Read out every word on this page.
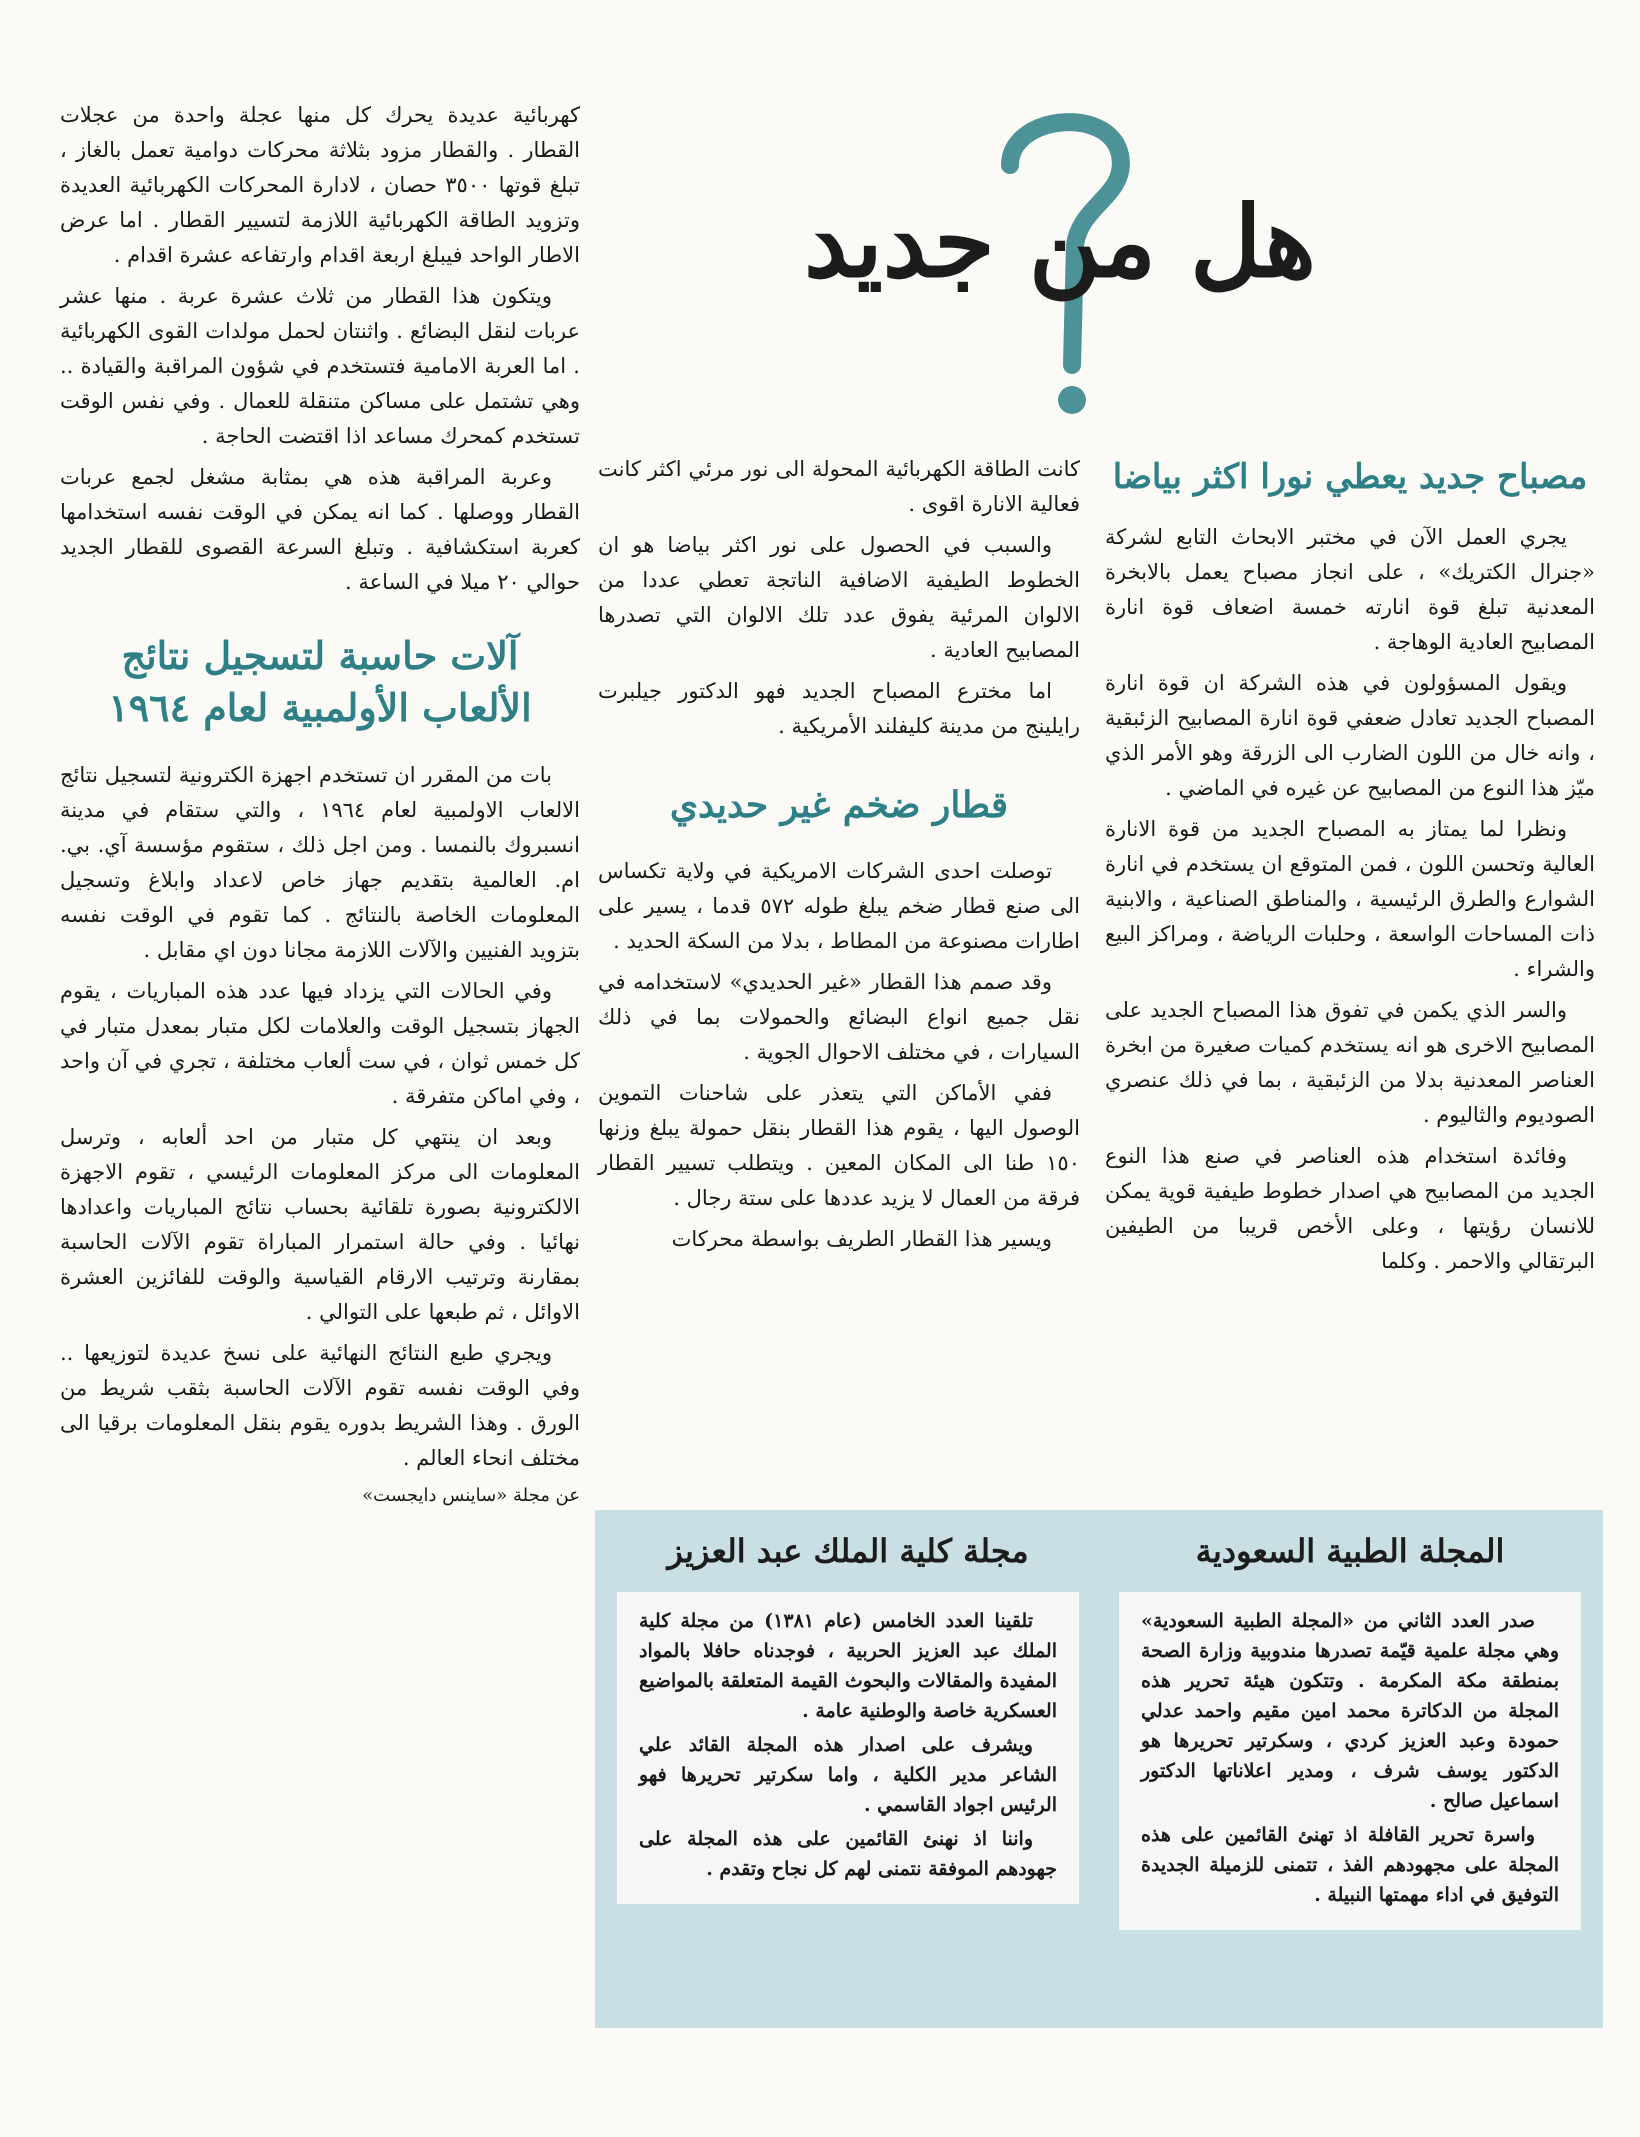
هل من جديد
مصباح جديد يعطي نورا اكثر بياضا

يجري العمل الآن في مختبر الابحاث التابع لشركة «جنرال الكتريك» ، على انجاز مصباح يعمل بالابخرة المعدنية تبلغ قوة انارته خمسة اضعاف قوة انارة المصابيح العادية الوهاجة .

ويقول المسؤولون في هذه الشركة ان قوة انارة المصباح الجديد تعادل ضعفي قوة انارة المصابيح الزئبقية ، وانه خال من اللون الضارب الى الزرقة وهو الأمر الذي ميّز هذا النوع من المصابيح عن غيره في الماضي .

ونظرا لما يمتاز به المصباح الجديد من قوة الانارة العالية وتحسن اللون ، فمن المتوقع ان يستخدم في انارة الشوارع والطرق الرئيسية ، والمناطق الصناعية ، والابنية ذات المساحات الواسعة ، وحلبات الرياضة ، ومراكز البيع والشراء .

والسر الذي يكمن في تفوق هذا المصباح الجديد على المصابيح الاخرى هو انه يستخدم كميات صغيرة من ابخرة العناصر المعدنية بدلا من الزئبقية ، بما في ذلك عنصري الصوديوم والثاليوم .

وفائدة استخدام هذه العناصر في صنع هذا النوع الجديد من المصابيح هي اصدار خطوط طيفية قوية يمكن للانسان رؤيتها ، وعلى الأخص قريبا من الطيفين البرتقالي والاحمر . وكلما

كانت الطاقة الكهربائية المحولة الى نور مرئي اكثر كانت فعالية الانارة اقوى .

والسبب في الحصول على نور اكثر بياضا هو ان الخطوط الطيفية الاضافية الناتجة تعطي عددا من الالوان المرئية يفوق عدد تلك الالوان التي تصدرها المصابيح العادية .

اما مخترع المصباح الجديد فهو الدكتور جيلبرت رايلينج من مدينة كليفلند الأمريكية .

قطار ضخم غير حديدي

توصلت احدى الشركات الامريكية في ولاية تكساس الى صنع قطار ضخم يبلغ طوله ٥٧٢ قدما ، يسير على اطارات مصنوعة من المطاط ، بدلا من السكة الحديد .

وقد صمم هذا القطار «غير الحديدي» لاستخدامه في نقل جميع انواع البضائع والحمولات بما في ذلك السيارات ، في مختلف الاحوال الجوية .

ففي الأماكن التي يتعذر على شاحنات التموين الوصول اليها ، يقوم هذا القطار بنقل حمولة يبلغ وزنها ١٥٠ طنا الى المكان المعين . ويتطلب تسيير القطار فرقة من العمال لا يزيد عددها على ستة رجال .

ويسير هذا القطار الطريف بواسطة محركات

كهربائية عديدة يحرك كل منها عجلة واحدة من عجلات القطار . والقطار مزود بثلاثة محركات دوامية تعمل بالغاز ، تبلغ قوتها ٣٥٠٠ حصان ، لادارة المحركات الكهربائية العديدة وتزويد الطاقة الكهربائية اللازمة لتسيير القطار . اما عرض الاطار الواحد فيبلغ اربعة اقدام وارتفاعه عشرة اقدام .

ويتكون هذا القطار من ثلاث عشرة عربة . منها عشر عربات لنقل البضائع . واثنتان لحمل مولدات القوى الكهربائية . اما العربة الامامية فتستخدم في شؤون المراقبة والقيادة .. وهي تشتمل على مساكن متنقلة للعمال . وفي نفس الوقت تستخدم كمحرك مساعد اذا اقتضت الحاجة .

وعربة المراقبة هذه هي بمثابة مشغل لجمع عربات القطار ووصلها . كما انه يمكن في الوقت نفسه استخدامها كعربة استكشافية . وتبلغ السرعة القصوى للقطار الجديد حوالي ٢٠ ميلا في الساعة .

آلات حاسبة لتسجيل نتائج
الألعاب الأولمبية لعام ١٩٦٤

بات من المقرر ان تستخدم اجهزة الكترونية لتسجيل نتائج الالعاب الاولمبية لعام ١٩٦٤ ، والتي ستقام في مدينة انسبروك بالنمسا . ومن اجل ذلك ، ستقوم مؤسسة آي. بي. ام. العالمية بتقديم جهاز خاص لاعداد وابلاغ وتسجيل المعلومات الخاصة بالنتائج . كما تقوم في الوقت نفسه بتزويد الفنيين والآلات اللازمة مجانا دون اي مقابل .

وفي الحالات التي يزداد فيها عدد هذه المباريات ، يقوم الجهاز بتسجيل الوقت والعلامات لكل متبار بمعدل متبار في كل خمس ثوان ، في ست ألعاب مختلفة ، تجري في آن واحد ، وفي اماكن متفرقة .

وبعد ان ينتهي كل متبار من احد ألعابه ، وترسل المعلومات الى مركز المعلومات الرئيسي ، تقوم الاجهزة الالكترونية بصورة تلقائية بحساب نتائج المباريات واعدادها نهائيا . وفي حالة استمرار المباراة تقوم الآلات الحاسبة بمقارنة وترتيب الارقام القياسية والوقت للفائزين العشرة الاوائل ، ثم طبعها على التوالي .

ويجري طبع النتائج النهائية على نسخ عديدة لتوزيعها .. وفي الوقت نفسه تقوم الآلات الحاسبة بثقب شريط من الورق . وهذا الشريط بدوره يقوم بنقل المعلومات برقيا الى مختلف انحاء العالم .

عن مجلة «ساينس دايجست»
المجلة الطبية السعودية

صدر العدد الثاني من «المجلة الطبية السعودية» وهي مجلة علمية قيّمة تصدرها مندوبية وزارة الصحة بمنطقة مكة المكرمة . وتتكون هيئة تحرير هذه المجلة من الدكاترة محمد امين مقيم واحمد عدلي حمودة وعبد العزيز كردي ، وسكرتير تحريرها هو الدكتور يوسف شرف ، ومدير اعلاناتها الدكتور اسماعيل صالح .

واسرة تحرير القافلة اذ تهنئ القائمين على هذه المجلة على مجهودهم الفذ ، تتمنى للزميلة الجديدة التوفيق في اداء مهمتها النبيلة .

مجلة كلية الملك عبد العزيز

تلقينا العدد الخامس (عام ١٣٨١) من مجلة كلية الملك عبد العزيز الحربية ، فوجدناه حافلا بالمواد المفيدة والمقالات والبحوث القيمة المتعلقة بالمواضيع العسكرية خاصة والوطنية عامة .

ويشرف على اصدار هذه المجلة القائد علي الشاعر مدير الكلية ، واما سكرتير تحريرها فهو الرئيس اجواد القاسمي .

واننا اذ نهنئ القائمين على هذه المجلة على جهودهم الموفقة نتمنى لهم كل نجاح وتقدم .
